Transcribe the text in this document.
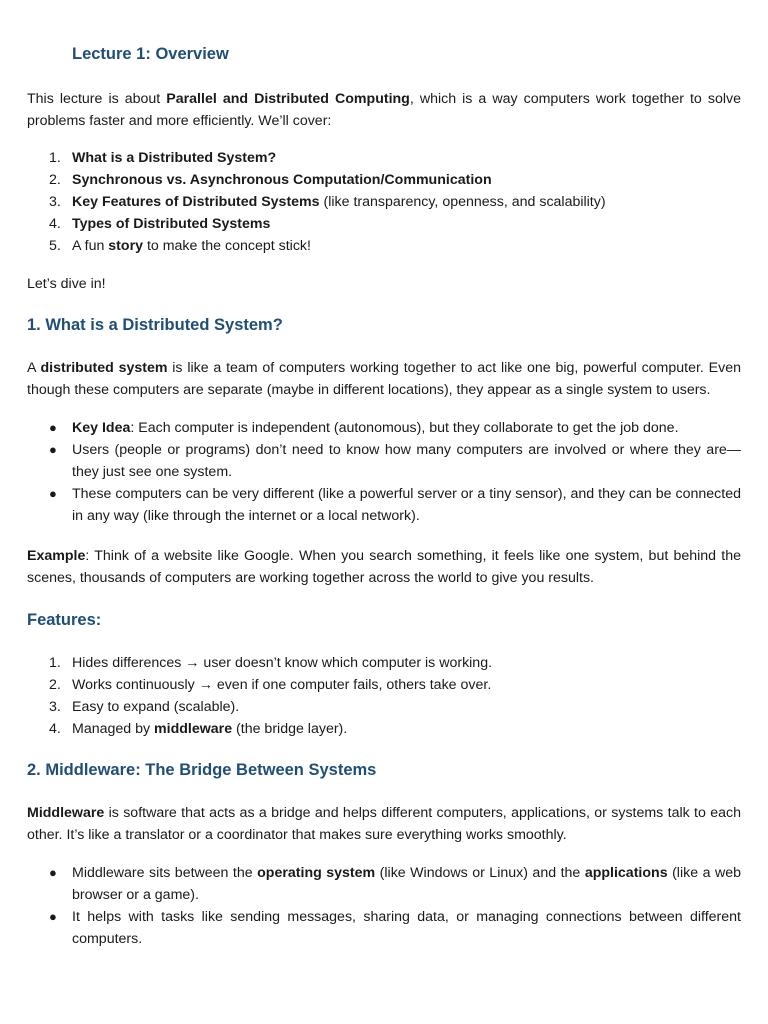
Lecture 1: Overview

This lecture is about Parallel and Distributed Computing, which is a way computers work together to solve problems faster and more efficiently. We’ll cover:

1. What is a Distributed System?
2. Synchronous vs. Asynchronous Computation/Communication
3. Key Features of Distributed Systems (like transparency, openness, and scalability)
4. Types of Distributed Systems
5. A fun story to make the concept stick!

Let’s dive in!

1. What is a Distributed System?

A distributed system is like a team of computers working together to act like one big, powerful computer. Even though these computers are separate (maybe in different locations), they appear as a single system to users.

● Key Idea: Each computer is independent (autonomous), but they collaborate to get the job done.
● Users (people or programs) don’t need to know how many computers are involved or where they are—they just see one system.
● These computers can be very different (like a powerful server or a tiny sensor), and they can be connected in any way (like through the internet or a local network).

Example: Think of a website like Google. When you search something, it feels like one system, but behind the scenes, thousands of computers are working together across the world to give you results.

Features:
1. Hides differences → user doesn’t know which computer is working.
2. Works continuously → even if one computer fails, others take over.
3. Easy to expand (scalable).
4. Managed by middleware (the bridge layer).
2. Middleware: The Bridge Between Systems

Middleware is software that acts as a bridge and helps different computers, applications, or systems talk to each other. It’s like a translator or a coordinator that makes sure everything works smoothly.

● Middleware sits between the operating system (like Windows or Linux) and the applications (like a web browser or a game).
● It helps with tasks like sending messages, sharing data, or managing connections between different computers.
